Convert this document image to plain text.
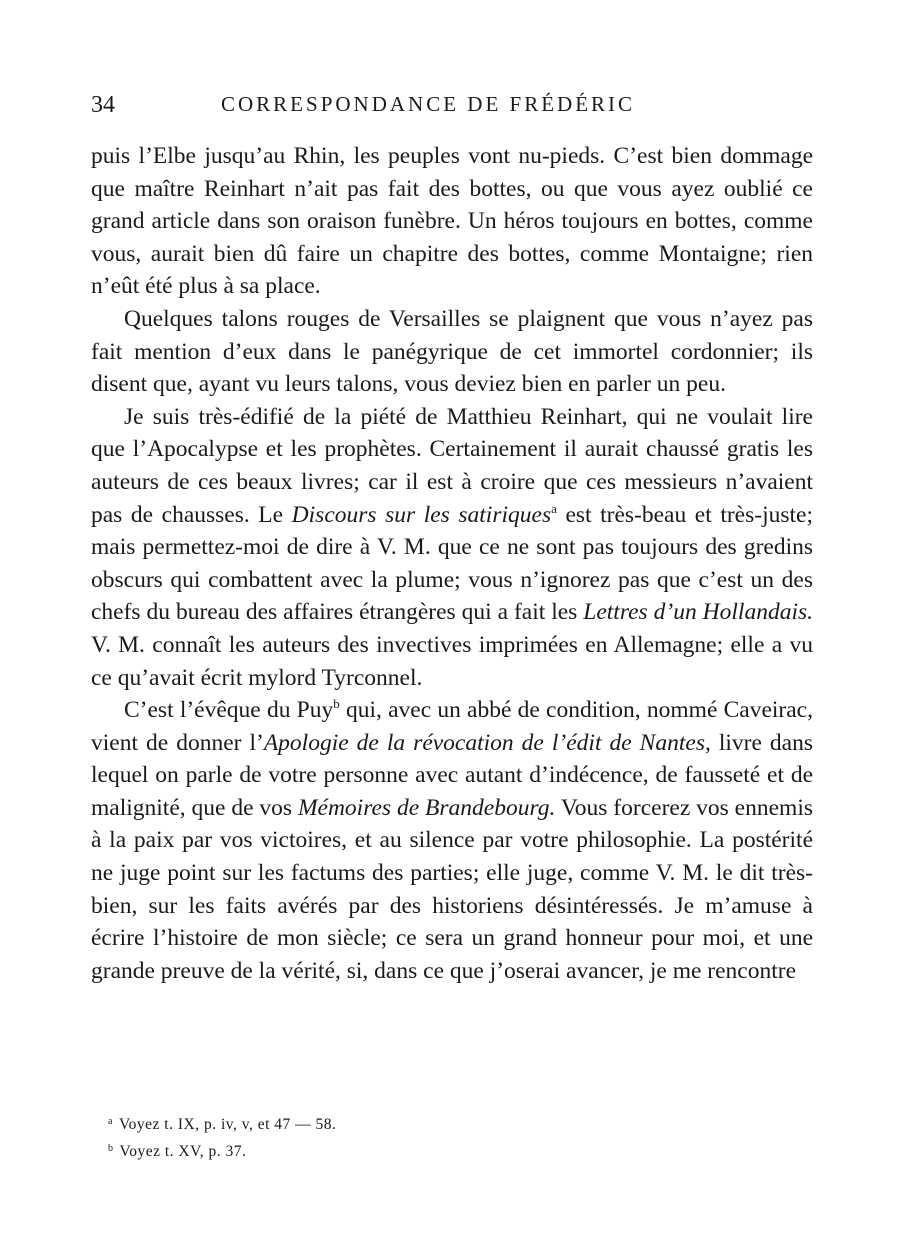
34	CORRESPONDANCE DE FRÉDÉRIC

puis l’Elbe jusqu’au Rhin, les peuples vont nu-pieds. C’est bien dommage que maître Reinhart n’ait pas fait des bottes, ou que vous ayez oublié ce grand article dans son oraison funèbre. Un héros toujours en bottes, comme vous, aurait bien dû faire un chapitre des bottes, comme Montaigne; rien n’eût été plus à sa place.

Quelques talons rouges de Versailles se plaignent que vous n’ayez pas fait mention d’eux dans le panégyrique de cet immortel cordonnier; ils disent que, ayant vu leurs talons, vous deviez bien en parler un peu.

Je suis très-édifié de la piété de Matthieu Reinhart, qui ne voulait lire que l’Apocalypse et les prophètes. Certainement il aurait chaussé gratis les auteurs de ces beaux livres; car il est à croire que ces messieurs n’avaient pas de chausses. Le Discours sur les satiriques$^a$ est très-beau et très-juste; mais permettez-moi de dire à V. M. que ce ne sont pas toujours des gredins obscurs qui combattent avec la plume; vous n’ignorez pas que c’est un des chefs du bureau des affaires étrangères qui a fait les Lettres d’un Hollandais. V. M. connaît les auteurs des invectives imprimées en Allemagne; elle a vu ce qu’avait écrit mylord Tyrconnel.

C’est l’évêque du Puy$^b$ qui, avec un abbé de condition, nommé Caveirac, vient de donner l’Apologie de la révocation de l’édit de Nantes, livre dans lequel on parle de votre personne avec autant d’indécence, de fausseté et de malignité, que de vos Mémoires de Brandebourg. Vous forcerez vos ennemis à la paix par vos victoires, et au silence par votre philosophie. La postérité ne juge point sur les factums des parties; elle juge, comme V. M. le dit très-bien, sur les faits avérés par des historiens désintéressés. Je m’amuse à écrire l’histoire de mon siècle; ce sera un grand honneur pour moi, et une grande preuve de la vérité, si, dans ce que j’oserai avancer, je me rencontre

$^a$ Voyez t. IX, p. iv, v, et 47 — 58.
$^b$ Voyez t. XV, p. 37.
